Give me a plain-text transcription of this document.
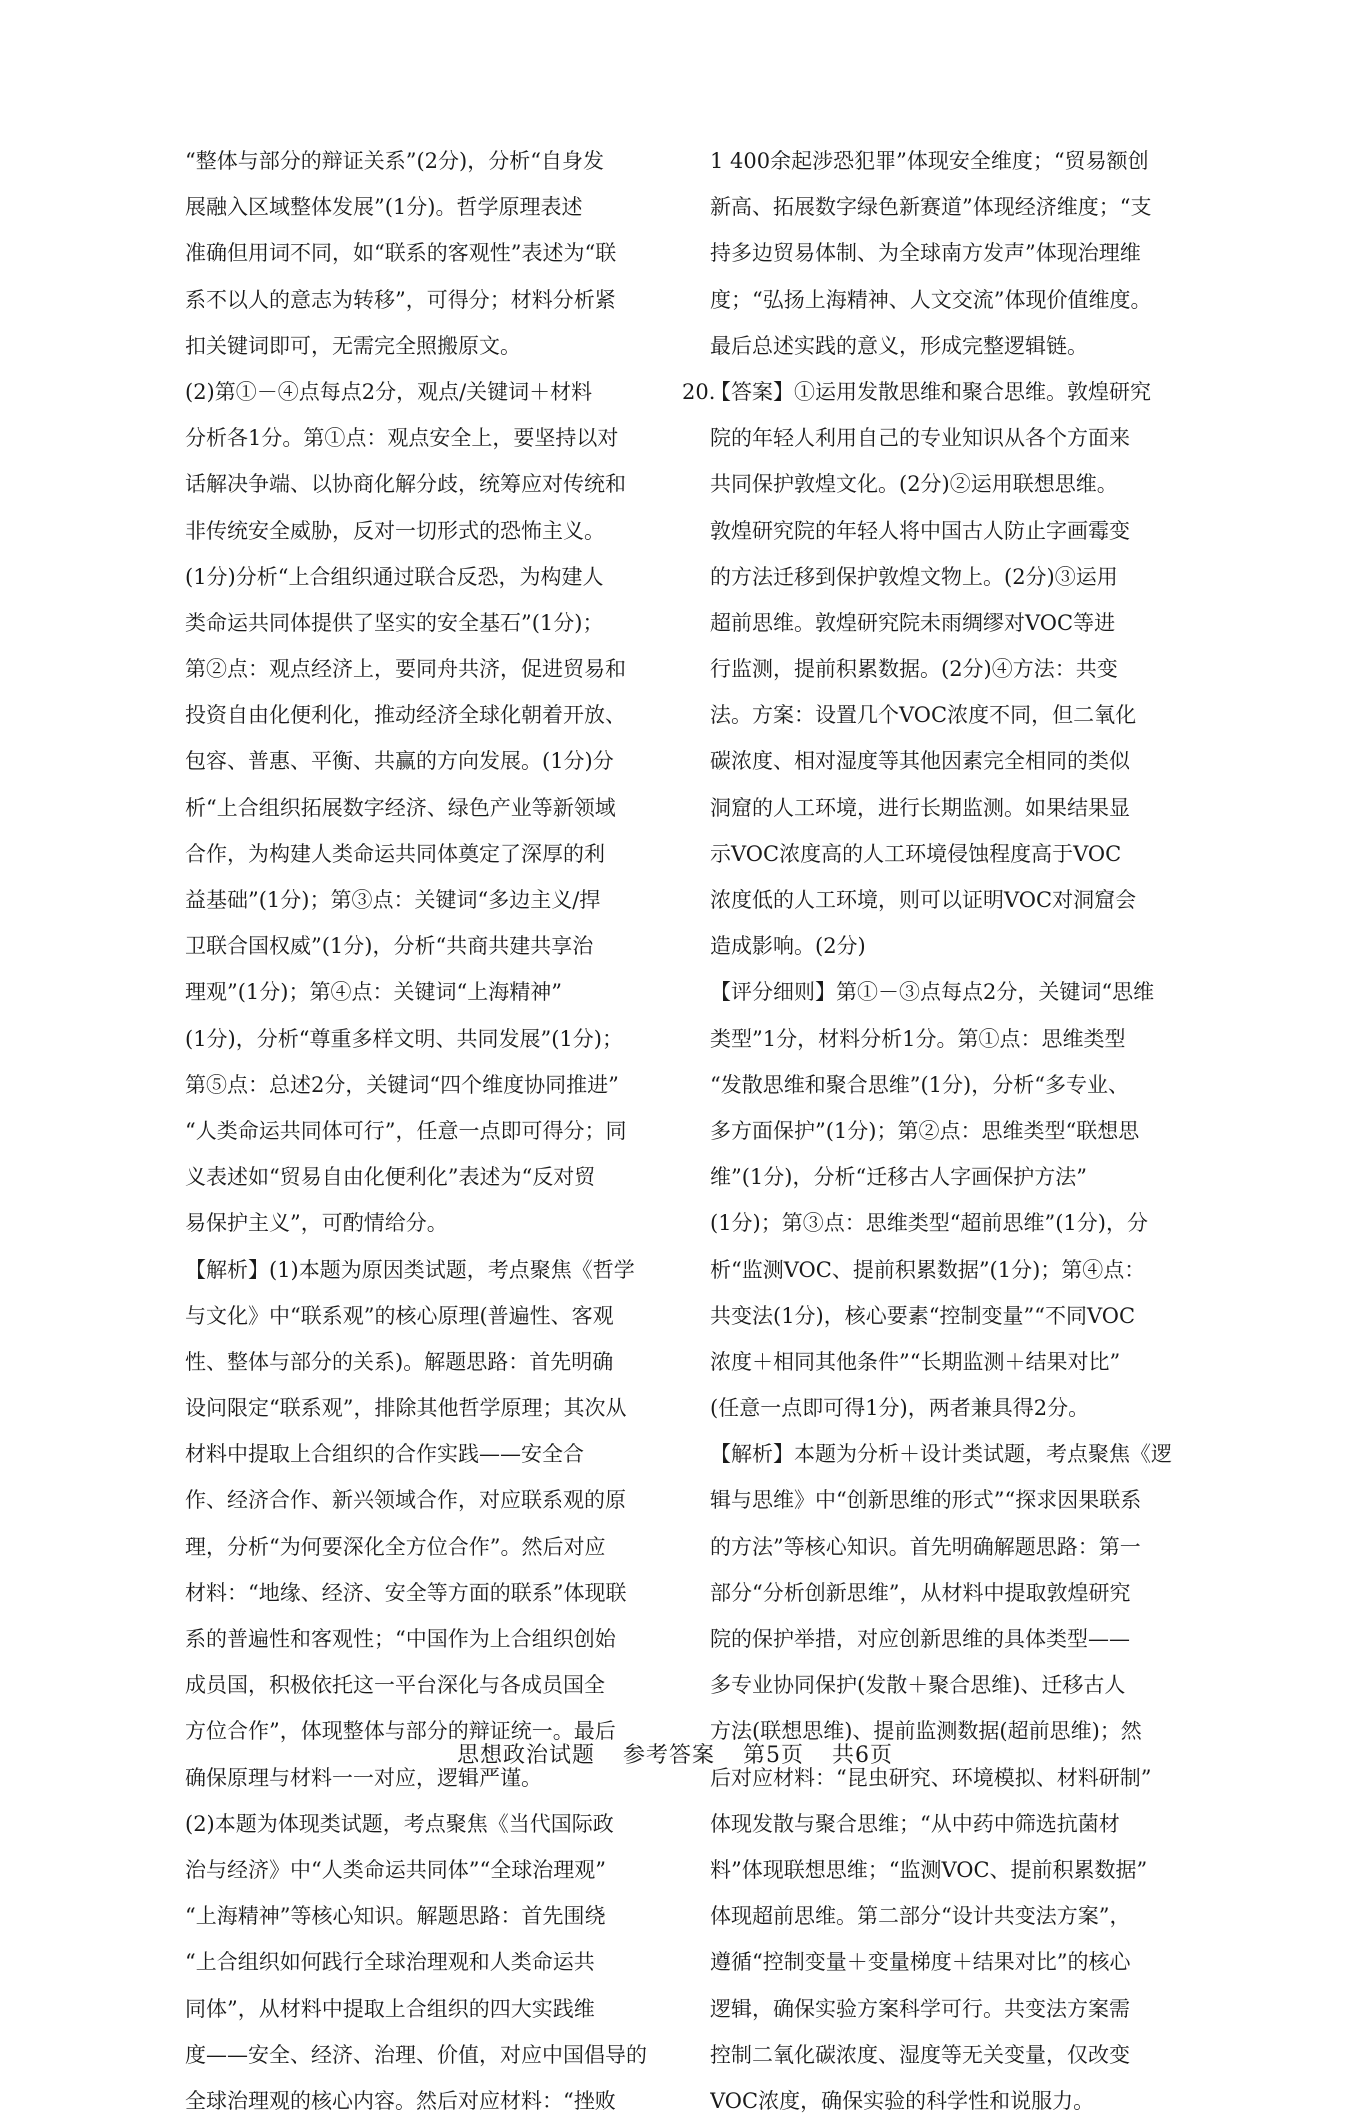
“整体与部分的辩证关系”(2分)，分析“自身发
展融入区域整体发展”(1分)。哲学原理表述
准确但用词不同，如“联系的客观性”表述为“联
系不以人的意志为转移”，可得分；材料分析紧
扣关键词即可，无需完全照搬原文。
(2)第①－④点每点2分，观点/关键词＋材料
分析各1分。第①点：观点安全上，要坚持以对
话解决争端、以协商化解分歧，统筹应对传统和
非传统安全威胁，反对一切形式的恐怖主义。
(1分)分析“上合组织通过联合反恐，为构建人
类命运共同体提供了坚实的安全基石”(1分)；
第②点：观点经济上，要同舟共济，促进贸易和
投资自由化便利化，推动经济全球化朝着开放、
包容、普惠、平衡、共赢的方向发展。(1分)分
析“上合组织拓展数字经济、绿色产业等新领域
合作，为构建人类命运共同体奠定了深厚的利
益基础”(1分)；第③点：关键词“多边主义/捍
卫联合国权威”(1分)，分析“共商共建共享治
理观”(1分)；第④点：关键词“上海精神”
(1分)，分析“尊重多样文明、共同发展”(1分)；
第⑤点：总述2分，关键词“四个维度协同推进”
“人类命运共同体可行”，任意一点即可得分；同
义表述如“贸易自由化便利化”表述为“反对贸
易保护主义”，可酌情给分。
【解析】(1)本题为原因类试题，考点聚焦《哲学
与文化》中“联系观”的核心原理(普遍性、客观
性、整体与部分的关系)。解题思路：首先明确
设问限定“联系观”，排除其他哲学原理；其次从
材料中提取上合组织的合作实践——安全合
作、经济合作、新兴领域合作，对应联系观的原
理，分析“为何要深化全方位合作”。然后对应
材料：“地缘、经济、安全等方面的联系”体现联
系的普遍性和客观性；“中国作为上合组织创始
成员国，积极依托这一平台深化与各成员国全
方位合作”，体现整体与部分的辩证统一。最后
确保原理与材料一一对应，逻辑严谨。
(2)本题为体现类试题，考点聚焦《当代国际政
治与经济》中“人类命运共同体”“全球治理观”
“上海精神”等核心知识。解题思路：首先围绕
“上合组织如何践行全球治理观和人类命运共
同体”，从材料中提取上合组织的四大实践维
度——安全、经济、治理、价值，对应中国倡导的
全球治理观的核心内容。然后对应材料：“挫败
1 400余起涉恐犯罪”体现安全维度；“贸易额创
新高、拓展数字绿色新赛道”体现经济维度；“支
持多边贸易体制、为全球南方发声”体现治理维
度；“弘扬上海精神、人文交流”体现价值维度。
最后总述实践的意义，形成完整逻辑链。
20.【答案】①运用发散思维和聚合思维。敦煌研究
院的年轻人利用自己的专业知识从各个方面来
共同保护敦煌文化。(2分)②运用联想思维。
敦煌研究院的年轻人将中国古人防止字画霉变
的方法迁移到保护敦煌文物上。(2分)③运用
超前思维。敦煌研究院未雨绸缪对VOC等进
行监测，提前积累数据。(2分)④方法：共变
法。方案：设置几个VOC浓度不同，但二氧化
碳浓度、相对湿度等其他因素完全相同的类似
洞窟的人工环境，进行长期监测。如果结果显
示VOC浓度高的人工环境侵蚀程度高于VOC
浓度低的人工环境，则可以证明VOC对洞窟会
造成影响。(2分)
【评分细则】第①－③点每点2分，关键词“思维
类型”1分，材料分析1分。第①点：思维类型
“发散思维和聚合思维”(1分)，分析“多专业、
多方面保护”(1分)；第②点：思维类型“联想思
维”(1分)，分析“迁移古人字画保护方法”
(1分)；第③点：思维类型“超前思维”(1分)，分
析“监测VOC、提前积累数据”(1分)；第④点：
共变法(1分)，核心要素“控制变量”“不同VOC
浓度＋相同其他条件”“长期监测＋结果对比”
(任意一点即可得1分)，两者兼具得2分。
【解析】本题为分析＋设计类试题，考点聚焦《逻
辑与思维》中“创新思维的形式”“探求因果联系
的方法”等核心知识。首先明确解题思路：第一
部分“分析创新思维”，从材料中提取敦煌研究
院的保护举措，对应创新思维的具体类型——
多专业协同保护(发散＋聚合思维)、迁移古人
方法(联想思维)、提前监测数据(超前思维)；然
后对应材料：“昆虫研究、环境模拟、材料研制”
体现发散与聚合思维；“从中药中筛选抗菌材
料”体现联想思维；“监测VOC、提前积累数据”
体现超前思维。第二部分“设计共变法方案”，
遵循“控制变量＋变量梯度＋结果对比”的核心
逻辑，确保实验方案科学可行。共变法方案需
控制二氧化碳浓度、湿度等无关变量，仅改变
VOC浓度，确保实验的科学性和说服力。
思想政治试题 参考答案 第5页 共6页
